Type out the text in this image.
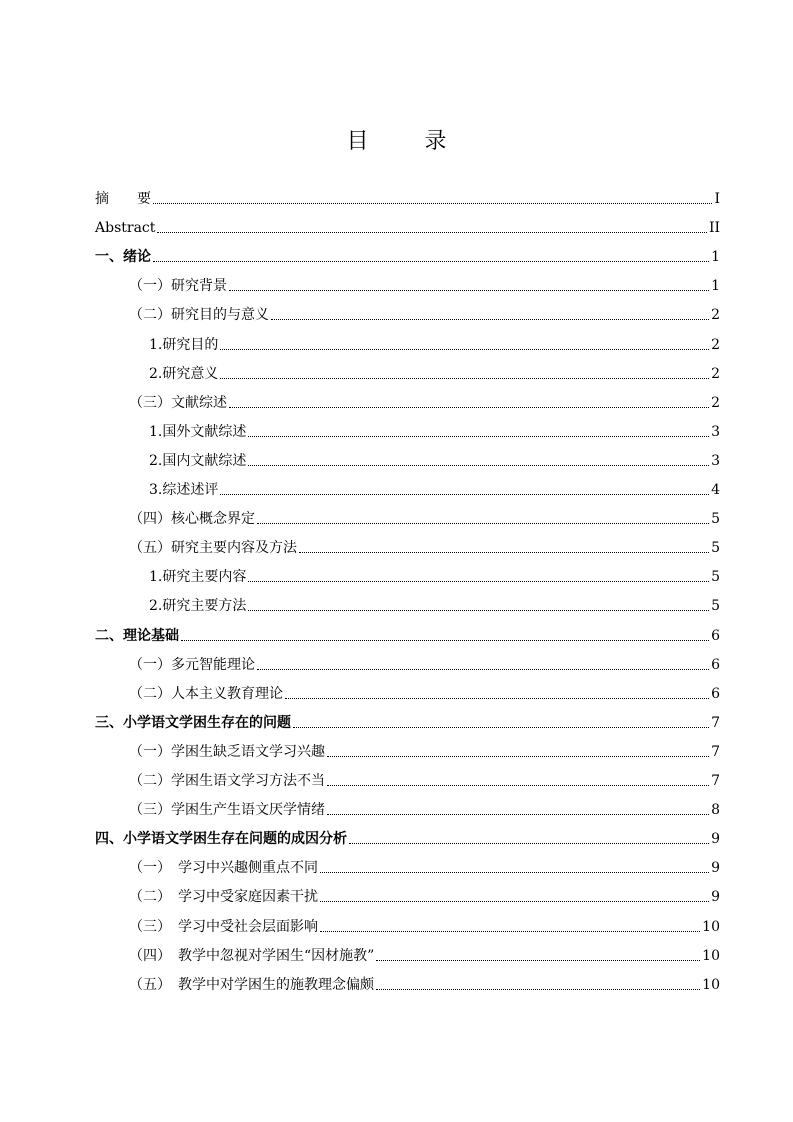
目	录
摘　　要	I
Abstract	II
一、绪论	1
（一）研究背景	1
（二）研究目的与意义	2
1.研究目的	2
2.研究意义	2
（三）文献综述	2
1.国外文献综述	3
2.国内文献综述	3
3.综述述评	4
（四）核心概念界定	5
（五）研究主要内容及方法	5
1.研究主要内容	5
2.研究主要方法	5
二、理论基础	6
（一）多元智能理论	6
（二）人本主义教育理论	6
三、小学语文学困生存在的问题	7
（一）学困生缺乏语文学习兴趣	7
（二）学困生语文学习方法不当	7
（三）学困生产生语文厌学情绪	8
四、小学语文学困生存在问题的成因分析	9
（一）　学习中兴趣侧重点不同	9
（二）　学习中受家庭因素干扰	9
（三）　学习中受社会层面影响	10
（四）　教学中忽视对学困生“因材施教”	10
（五）　教学中对学困生的施教理念偏颇	10
